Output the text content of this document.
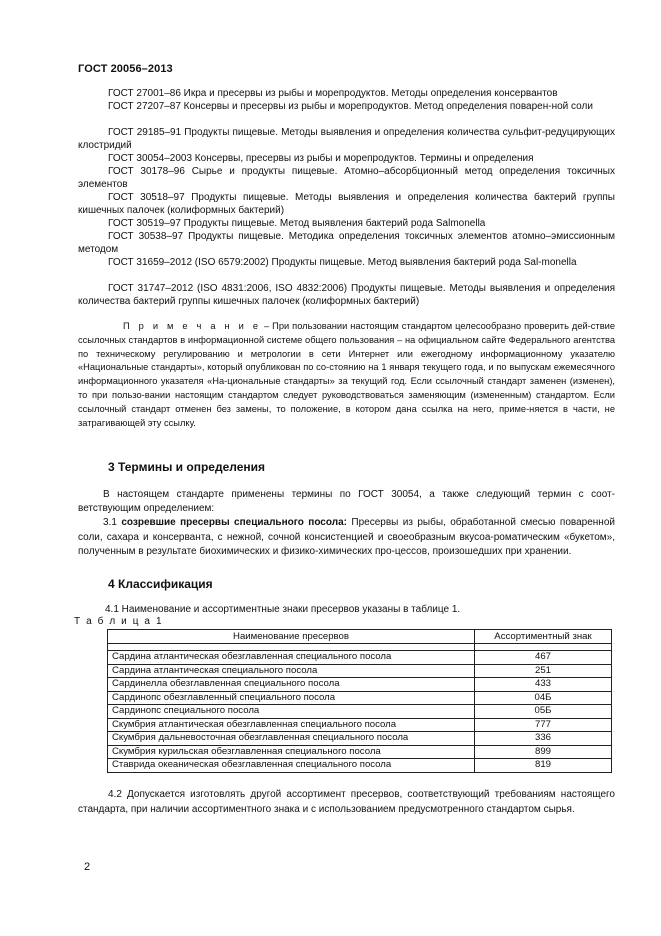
ГОСТ 20056–2013
ГОСТ 27001–86 Икра и пресервы из рыбы и морепродуктов. Методы определения консервантов
ГОСТ 27207–87 Консервы и пресервы из рыбы и морепродуктов. Метод определения поварен-ной соли
ГОСТ 29185–91 Продукты пищевые. Методы выявления и определения количества сульфит-редуцирующих клостридий
ГОСТ 30054–2003 Консервы, пресервы из рыбы и морепродуктов. Термины и определения
ГОСТ 30178–96 Сырье и продукты пищевые. Атомно–абсорбционный метод определения токсичных элементов
ГОСТ 30518–97 Продукты пищевые. Методы выявления и определения количества бактерий группы кишечных палочек (колиформных бактерий)
ГОСТ 30519–97 Продукты пищевые. Метод выявления бактерий рода Salmonella
ГОСТ 30538–97 Продукты пищевые. Методика определения токсичных элементов атомно–эмиссионным методом
ГОСТ 31659–2012 (ISO 6579:2002) Продукты пищевые. Метод выявления бактерий рода Sal-monella
ГОСТ 31747–2012 (ISO 4831:2006, ISO 4832:2006) Продукты пищевые. Методы выявления и определения количества бактерий группы кишечных палочек (колиформных бактерий)

П р и м е ч а н и е – При пользовании настоящим стандартом целесообразно проверить дей-ствие ссылочных стандартов в информационной системе общего пользования – на официальном сайте Федерального агентства по техническому регулированию и метрологии в сети Интернет или ежегодному информационному указателю «Национальные стандарты», который опубликован по со-стоянию на 1 января текущего года, и по выпускам ежемесячного информационного указателя «На-циональные стандарты» за текущий год. Если ссылочный стандарт заменен (изменен), то при пользо-вании настоящим стандартом следует руководствоваться заменяющим (измененным) стандартом. Если ссылочный стандарт отменен без замены, то положение, в котором дана ссылка на него, приме-няется в части, не затрагивающей эту ссылку.

3 Термины и определения

В настоящем стандарте применены термины по ГОСТ 30054, а также следующий термин с соот-ветствующим определением:

3.1 созревшие пресервы специального посола: Пресервы из рыбы, обработанной смесью поваренной соли, сахара и консерванта, с нежной, сочной консистенцией и своеобразным вкусоа-роматическим «букетом», полученным в результате биохимических и физико-химических про-цессов, произошедших при хранении.

4 Классификация
4.1 Наименование и ассортиментные знаки пресервов указаны в таблице 1.
Т а б л и ц а 1
Наименование пресервов	Ассортиментный знак

Сардина атлантическая обезглавленная специального посола	467
Сардина атлантическая специального посола	251
Сардинелла обезглавленная специального посола	433
Сардинопс обезглавленный специального посола	04Б
Сардинопс специального посола	05Б
Скумбрия атлантическая обезглавленная специального посола	777
Скумбрия дальневосточная обезглавленная специального посола	336
Скумбрия курильская обезглавленная специального посола	899
Ставрида океаническая обезглавленная специального посола	819

4.2 Допускается изготовлять другой ассортимент пресервов, соответствующий требованиям настоящего стандарта, при наличии ассортиментного знака и с использованием предусмотренного стандартом сырья.

2
